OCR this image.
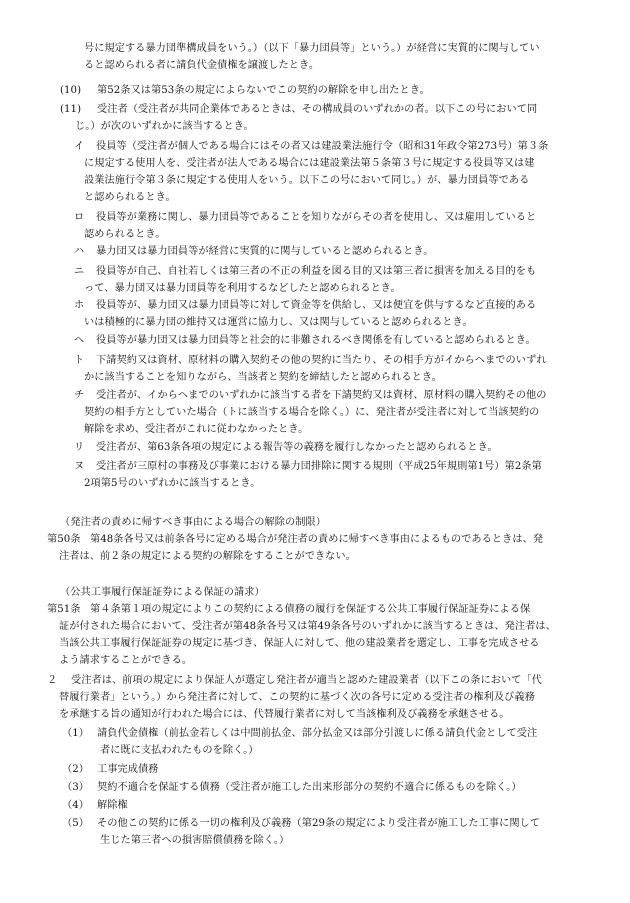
号に規定する暴力団準構成員をいう。）（以下「暴力団員等」という。）が経営に実質的に関与してい
ると認められる者に請負代金債権を譲渡したとき。
(10) 第52条又は第53条の規定によらないでこの契約の解除を申し出たとき。
(11) 受注者（受注者が共同企業体であるときは、その構成員のいずれかの者。以下この号において同
じ。）が次のいずれかに該当するとき。
イ 役員等（受注者が個人である場合にはその者又は建設業法施行令（昭和31年政令第273号）第３条
に規定する使用人を、受注者が法人である場合には建設業法第５条第３号に規定する役員等又は建
設業法施行令第３条に規定する使用人をいう。以下この号において同じ。）が、暴力団員等である
と認められるとき。
ロ 役員等が業務に関し、暴力団員等であることを知りながらその者を使用し、又は雇用していると
認められるとき。
ハ 暴力団又は暴力団員等が経営に実質的に関与していると認められるとき。
ニ 役員等が自己、自社若しくは第三者の不正の利益を図る目的又は第三者に損害を加える目的をも
って、暴力団又は暴力団員等を利用するなどしたと認められるとき。
ホ 役員等が、暴力団又は暴力団員等に対して資金等を供給し、又は便宜を供与するなど直接的ある
いは積極的に暴力団の維持又は運営に協力し、又は関与していると認められるとき。
ヘ 役員等が暴力団又は暴力団員等と社会的に非難されるべき関係を有していると認められるとき。
ト 下請契約又は資材、原材料の購入契約その他の契約に当たり、その相手方がイからヘまでのいずれ
かに該当することを知りながら、当該者と契約を締結したと認められるとき。
チ 受注者が、イからヘまでのいずれかに該当する者を下請契約又は資材、原材料の購入契約その他の
契約の相手方としていた場合（トに該当する場合を除く。）に、発注者が受注者に対して当該契約の
解除を求め、受注者がこれに従わなかったとき。
リ 受注者が、第63条各項の規定による報告等の義務を履行しなかったと認められるとき。
ヌ 受注者が三原村の事務及び事業における暴力団排除に関する規則（平成25年規則第1号）第2条第
2項第5号のいずれかに該当するとき。
（発注者の責めに帰すべき事由による場合の解除の制限）
第50条 第48条各号又は前条各号に定める場合が発注者の責めに帰すべき事由によるものであるときは、発
注者は、前２条の規定による契約の解除をすることができない。
（公共工事履行保証証券による保証の請求）
第51条 第４条第１項の規定によりこの契約による債務の履行を保証する公共工事履行保証証券による保
証が付された場合において、受注者が第48条各号又は第49条各号のいずれかに該当するときは、発注者は、
当該公共工事履行保証証券の規定に基づき、保証人に対して、他の建設業者を選定し、工事を完成させる
よう請求することができる。
２ 受注者は、前項の規定により保証人が選定し発注者が適当と認めた建設業者（以下この条において「代
替履行業者」という。）から発注者に対して、この契約に基づく次の各号に定める受注者の権利及び義務
を承継する旨の通知が行われた場合には、代替履行業者に対して当該権利及び義務を承継させる。
（1） 請負代金債権（前払金若しくは中間前払金、部分払金又は部分引渡しに係る請負代金として受注
者に既に支払われたものを除く。）
（2） 工事完成債務
（3） 契約不適合を保証する債務（受注者が施工した出来形部分の契約不適合に係るものを除く。）
（4） 解除権
（5） その他この契約に係る一切の権利及び義務（第29条の規定により受注者が施工した工事に関して
生じた第三者への損害賠償債務を除く。）
